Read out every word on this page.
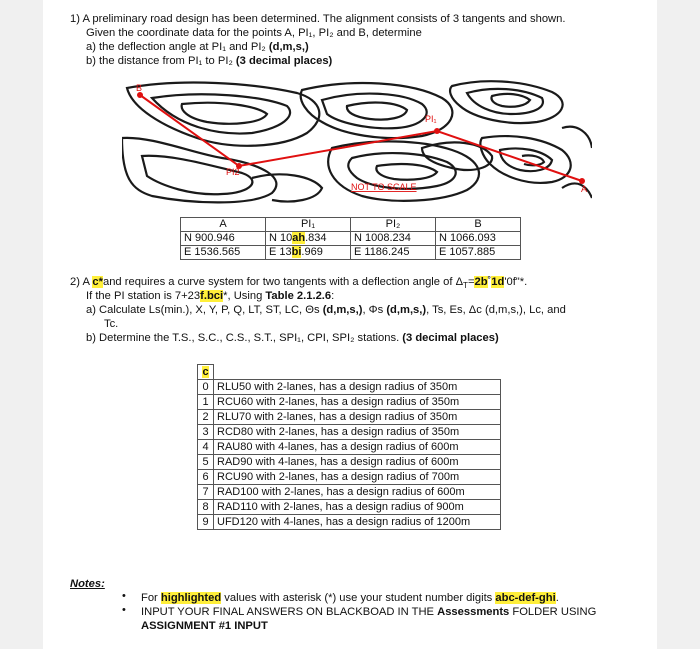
1) A preliminary road design has been determined. The alignment consists of 3 tangents and shown.
Given the coordinate data for the points A, PI₁, PI₂ and B, determine
a) the deflection angle at PI₁ and PI₂ (d,m,s,)
b) the distance from PI₁ to PI₂ (3 decimal places)
B
PI₁
PI2
A
NOT TO SCALE
A	PI₁	PI₂	B
N 900.946	N 10ah.834	N 1008.234	N 1066.093
E 1536.565	E 13bi.969	E 1186.245	E 1057.885
2) A c*and requires a curve system for two tangents with a deflection angle of $\Delta_T=2b˚1d'0f"*$.
If the PI station is 7+23f.bci*, Using Table 2.1.2.6:
a) Calculate Ls(min.), X, Y, P, Q, LT, ST, LC, Θs (d,m,s,), Φs (d,m,s,), Ts, Es, Δc (d,m,s,), Lc, and
Tc.
b) Determine the T.S., S.C., C.S., S.T., SPI₁, CPI, SPI₂ stations. (3 decimal places)
c	
0	RLU50 with 2-lanes, has a design radius of 350m
1	RCU60 with 2-lanes, has a design radius of 350m
2	RLU70 with 2-lanes, has a design radius of 350m
3	RCD80 with 2-lanes, has a design radius of 350m
4	RAU80 with 4-lanes, has a design radius of 600m
5	RAD90 with 4-lanes, has a design radius of 600m
6	RCU90 with 2-lanes, has a design radius of 700m
7	RAD100 with 2-lanes, has a design radius of 600m
8	RAD110 with 2-lanes, has a design radius of 900m
9	UFD120 with 4-lanes, has a design radius of 1200m
Notes:
• For highlighted values with asterisk (*) use your student number digits abc-def-ghi.
• INPUT YOUR FINAL ANSWERS ON BLACKBOAD IN THE Assessments FOLDER USING
ASSIGNMENT #1 INPUT
